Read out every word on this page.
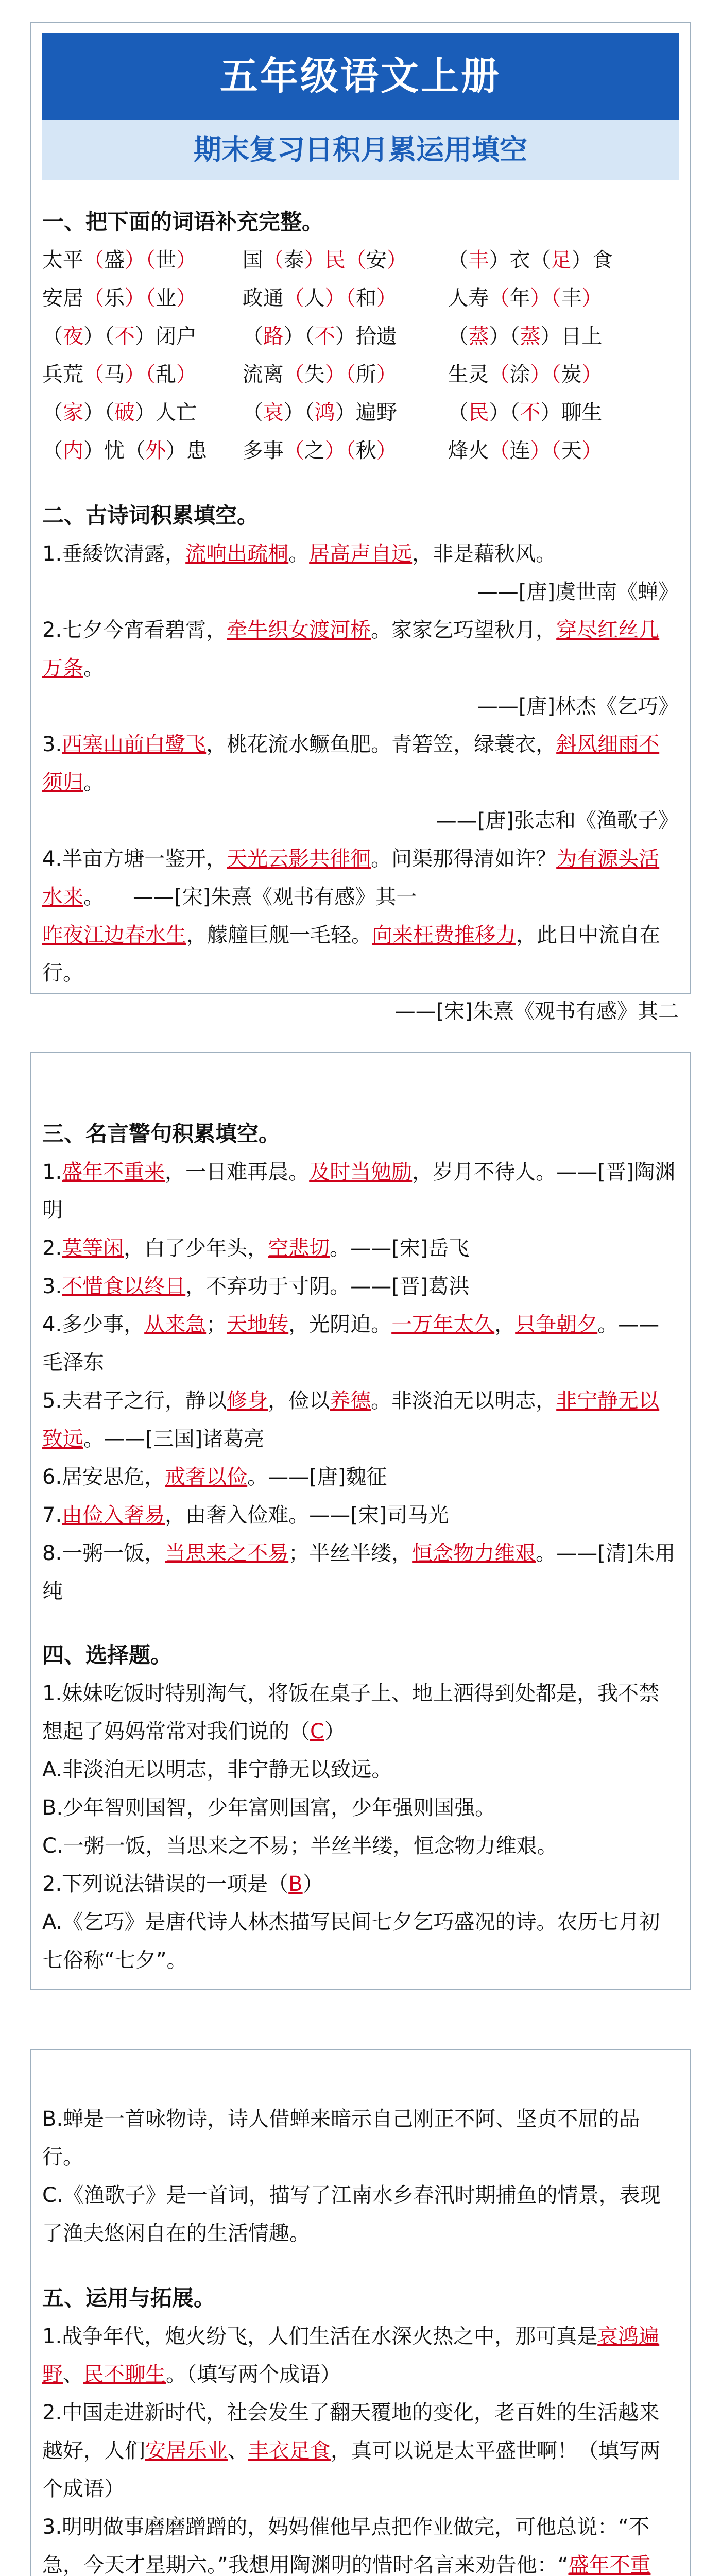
五年级语文上册
期末复习日积月累运用填空

一、把下面的词语补充完整。

太平（盛）（世）	国（泰）民（安）	（丰）衣（足）食
安居（乐）（业）	政通（人）（和）	人寿（年）（丰）
（夜）（不）闭户	（路）（不）拾遗	（蒸）（蒸）日上
兵荒（马）（乱）	流离（失）（所）	生灵（涂）（炭）
（家）（破）人亡	（哀）（鸿）遍野	（民）（不）聊生
（内）忧（外）患	多事（之）（秋）	烽火（连）（天）

二、古诗词积累填空。

1.垂緌饮清露，流响出疏桐。居高声自远，非是藉秋风。

——[唐]虞世南《蝉》

2.七夕今宵看碧霄，牵牛织女渡河桥。家家乞巧望秋月，穿尽红丝几万条。

——[唐]林杰《乞巧》

3.西塞山前白鹭飞，桃花流水鳜鱼肥。青箬笠，绿蓑衣，斜风细雨不须归。

——[唐]张志和《渔歌子》

4.半亩方塘一鉴开，天光云影共徘徊。问渠那得清如许？为有源头活水来。 ——[宋]朱熹《观书有感》其一

昨夜江边春水生，艨艟巨舰一毛轻。向来枉费推移力，此日中流自在行。

——[宋]朱熹《观书有感》其二

三、名言警句积累填空。

1.盛年不重来，一日难再晨。及时当勉励，岁月不待人。——[晋]陶渊明

2.莫等闲，白了少年头，空悲切。——[宋]岳飞

3.不惜食以终日，不弃功于寸阴。——[晋]葛洪

4.多少事，从来急；天地转，光阴迫。一万年太久，只争朝夕。——毛泽东

5.夫君子之行，静以修身，俭以养德。非淡泊无以明志，非宁静无以致远。——[三国]诸葛亮

6.居安思危，戒奢以俭。——[唐]魏征

7.由俭入奢易，由奢入俭难。——[宋]司马光

8.一粥一饭，当思来之不易；半丝半缕，恒念物力维艰。——[清]朱用纯

四、选择题。

1.妹妹吃饭时特别淘气，将饭在桌子上、地上洒得到处都是，我不禁想起了妈妈常常对我们说的（C）

A.非淡泊无以明志，非宁静无以致远。

B.少年智则国智，少年富则国富，少年强则国强。

C.一粥一饭，当思来之不易；半丝半缕，恒念物力维艰。

2.下列说法错误的一项是（B）

A.《乞巧》是唐代诗人林杰描写民间七夕乞巧盛况的诗。农历七月初七俗称“七夕”。

B.蝉是一首咏物诗，诗人借蝉来暗示自己刚正不阿、坚贞不屈的品行。

C.《渔歌子》是一首词，描写了江南水乡春汛时期捕鱼的情景，表现了渔夫悠闲自在的生活情趣。

五、运用与拓展。

1.战争年代，炮火纷飞，人们生活在水深火热之中，那可真是哀鸿遍野、民不聊生。（填写两个成语）

2.中国走进新时代，社会发生了翻天覆地的变化，老百姓的生活越来越好，人们安居乐业、丰衣足食，真可以说是太平盛世啊！（填写两个成语）

3.明明做事磨磨蹭蹭的，妈妈催他早点把作业做完，可他总说：“不急，今天才星期六。”我想用陶渊明的惜时名言来劝告他：“盛年不重
